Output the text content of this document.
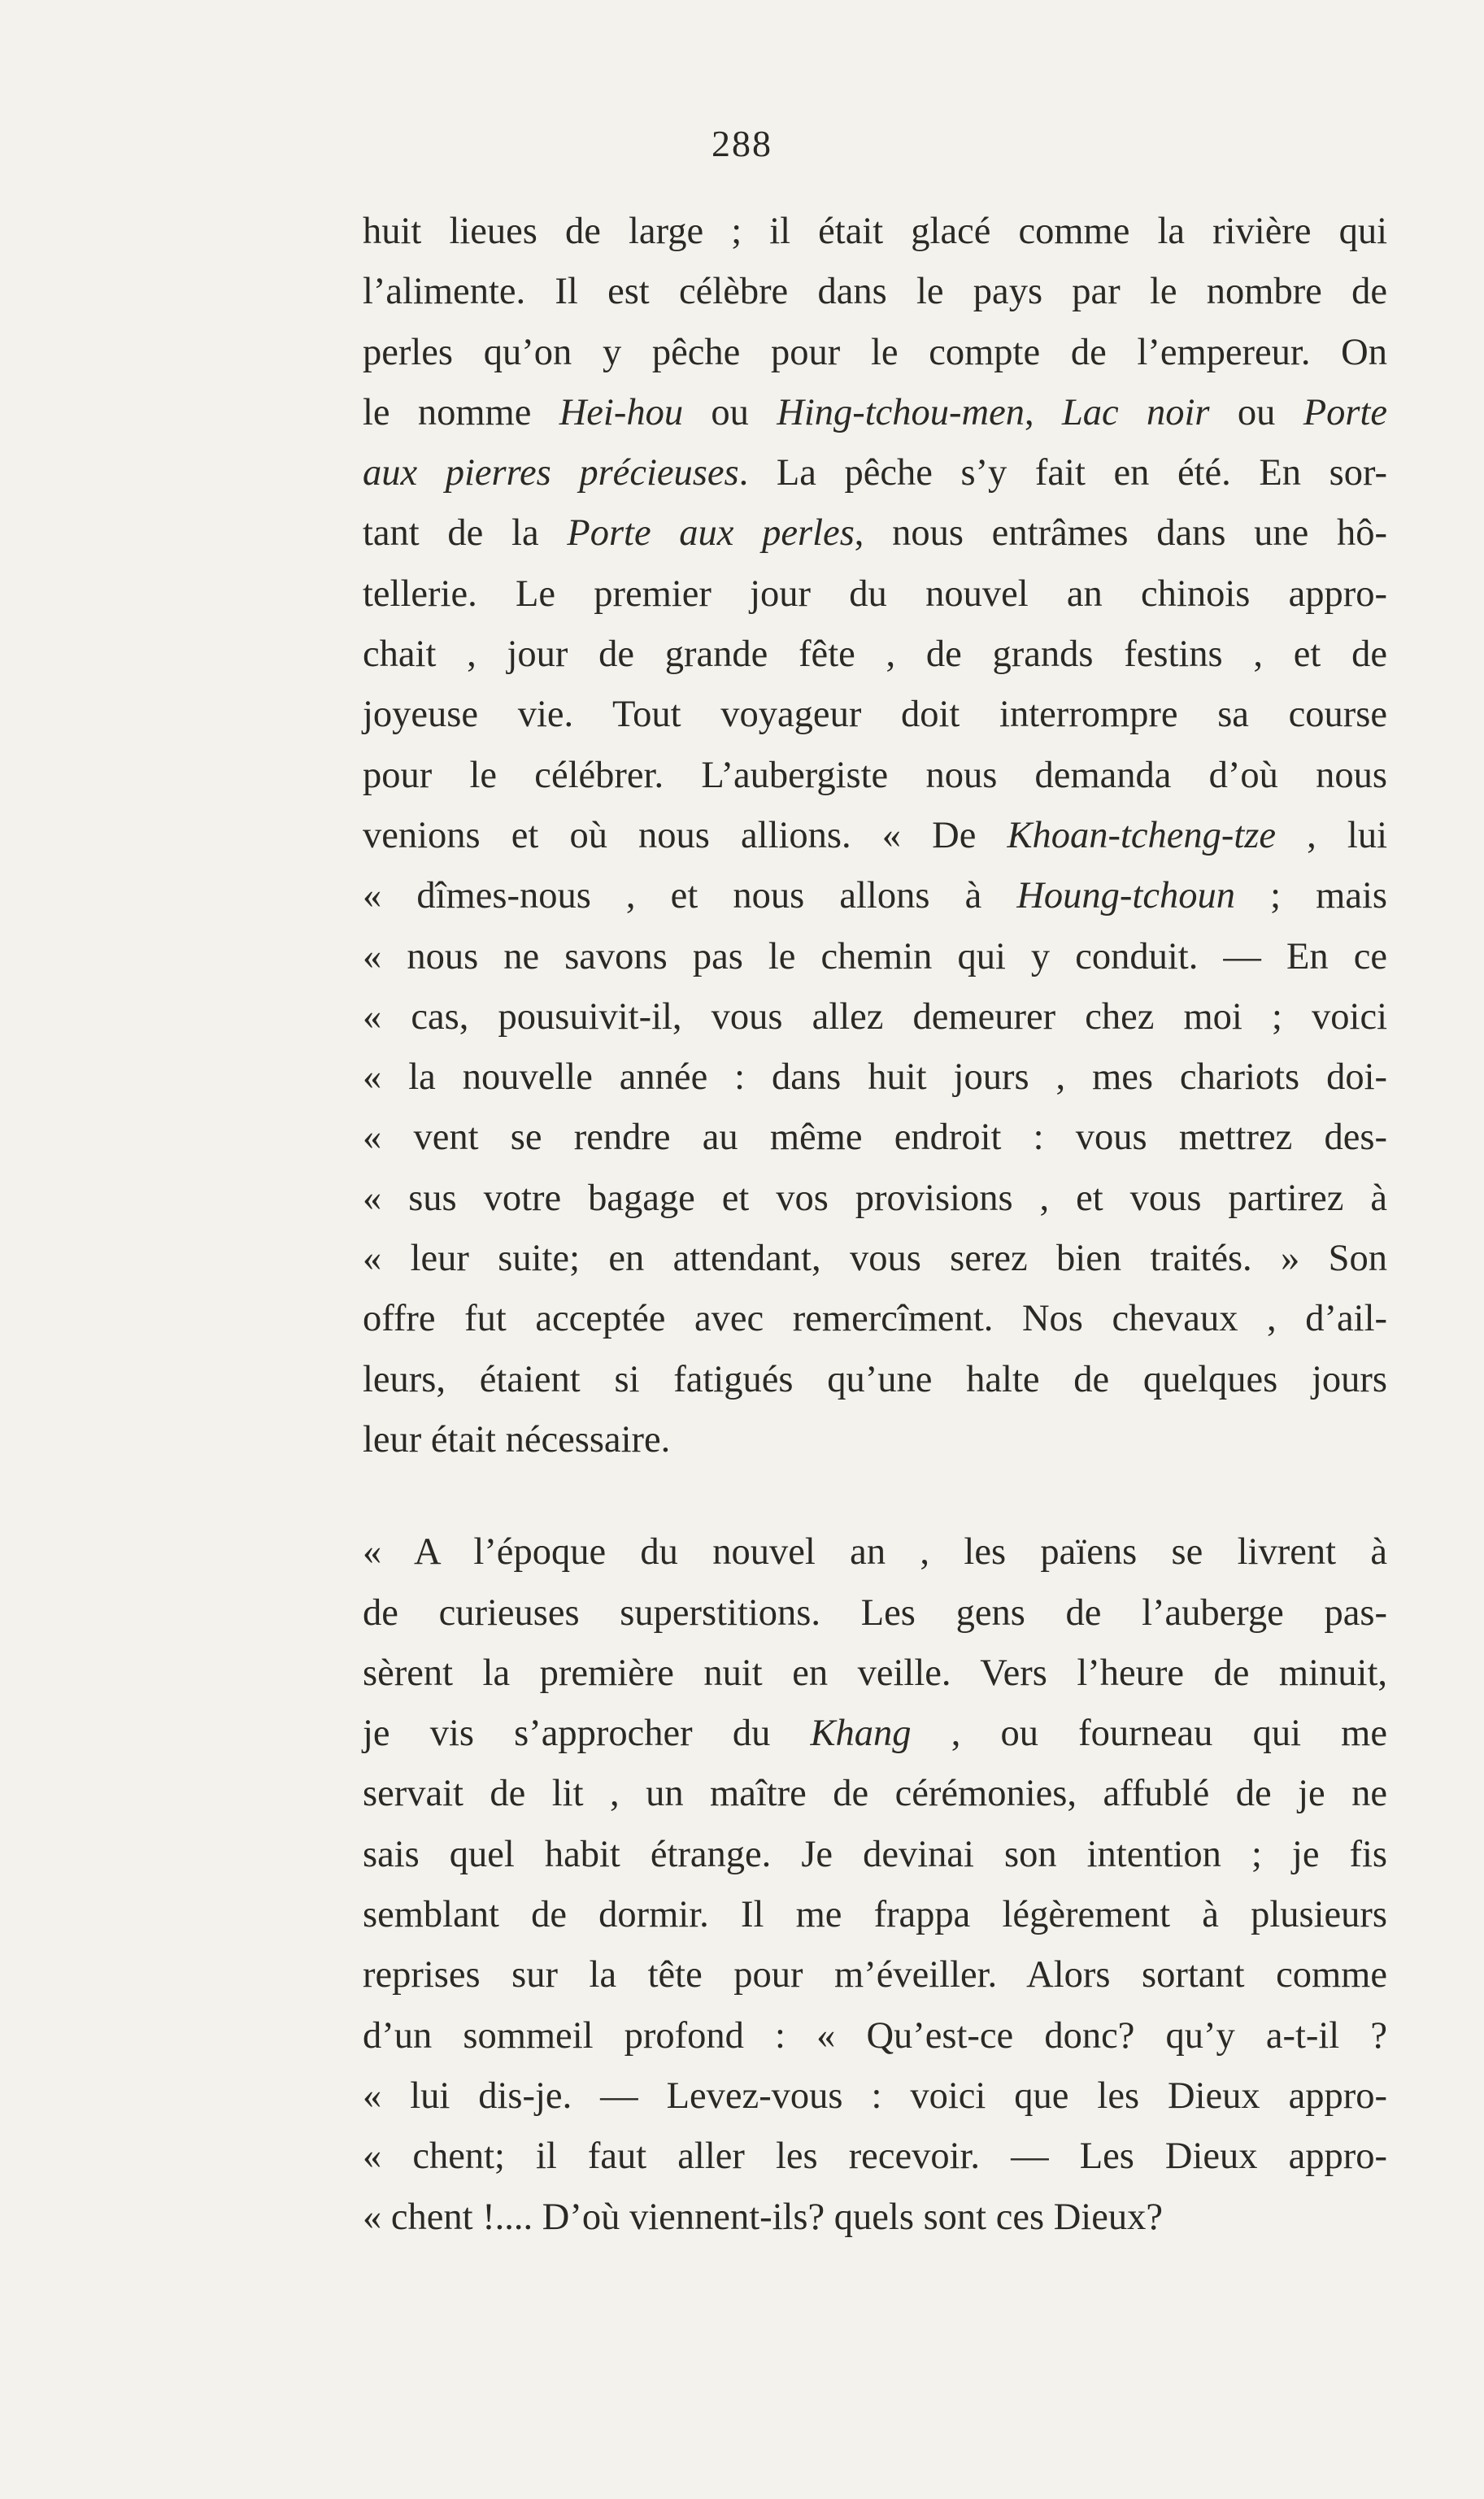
288
huit lieues de large ; il était glacé comme la rivière qui
l’alimente. Il est célèbre dans le pays par le nombre de
perles qu’on y pêche pour le compte de l’empereur. On
le nomme Hei-hou ou Hing-tchou-men, Lac noir ou Porte
aux pierres précieuses. La pêche s’y fait en été. En sor-
tant de la Porte aux perles, nous entrâmes dans une hô-
tellerie. Le premier jour du nouvel an chinois appro-
chait , jour de grande fête , de grands festins , et de
joyeuse vie. Tout voyageur doit interrompre sa course
pour le célébrer. L’aubergiste nous demanda d’où nous
venions et où nous allions. « De Khoan-tcheng-tze , lui
« dîmes-nous , et nous allons à Houng-tchoun ; mais
« nous ne savons pas le chemin qui y conduit. — En ce
« cas, pousuivit-il, vous allez demeurer chez moi ; voici
« la nouvelle année : dans huit jours , mes chariots doi-
« vent se rendre au même endroit : vous mettrez des-
« sus votre bagage et vos provisions , et vous partirez à
« leur suite; en attendant, vous serez bien traités. » Son
offre fut acceptée avec remercîment. Nos chevaux , d’ail-
leurs, étaient si fatigués qu’une halte de quelques jours
leur était nécessaire.
« A l’époque du nouvel an , les païens se livrent à
de curieuses superstitions. Les gens de l’auberge pas-
sèrent la première nuit en veille. Vers l’heure de minuit,
je vis s’approcher du Khang , ou fourneau qui me
servait de lit , un maître de cérémonies, affublé de je ne
sais quel habit étrange. Je devinai son intention ; je fis
semblant de dormir. Il me frappa légèrement à plusieurs
reprises sur la tête pour m’éveiller. Alors sortant comme
d’un sommeil profond : « Qu’est-ce donc? qu’y a-t-il ?
« lui dis-je. — Levez-vous : voici que les Dieux appro-
« chent; il faut aller les recevoir. — Les Dieux appro-
« chent !.... D’où viennent-ils? quels sont ces Dieux?
